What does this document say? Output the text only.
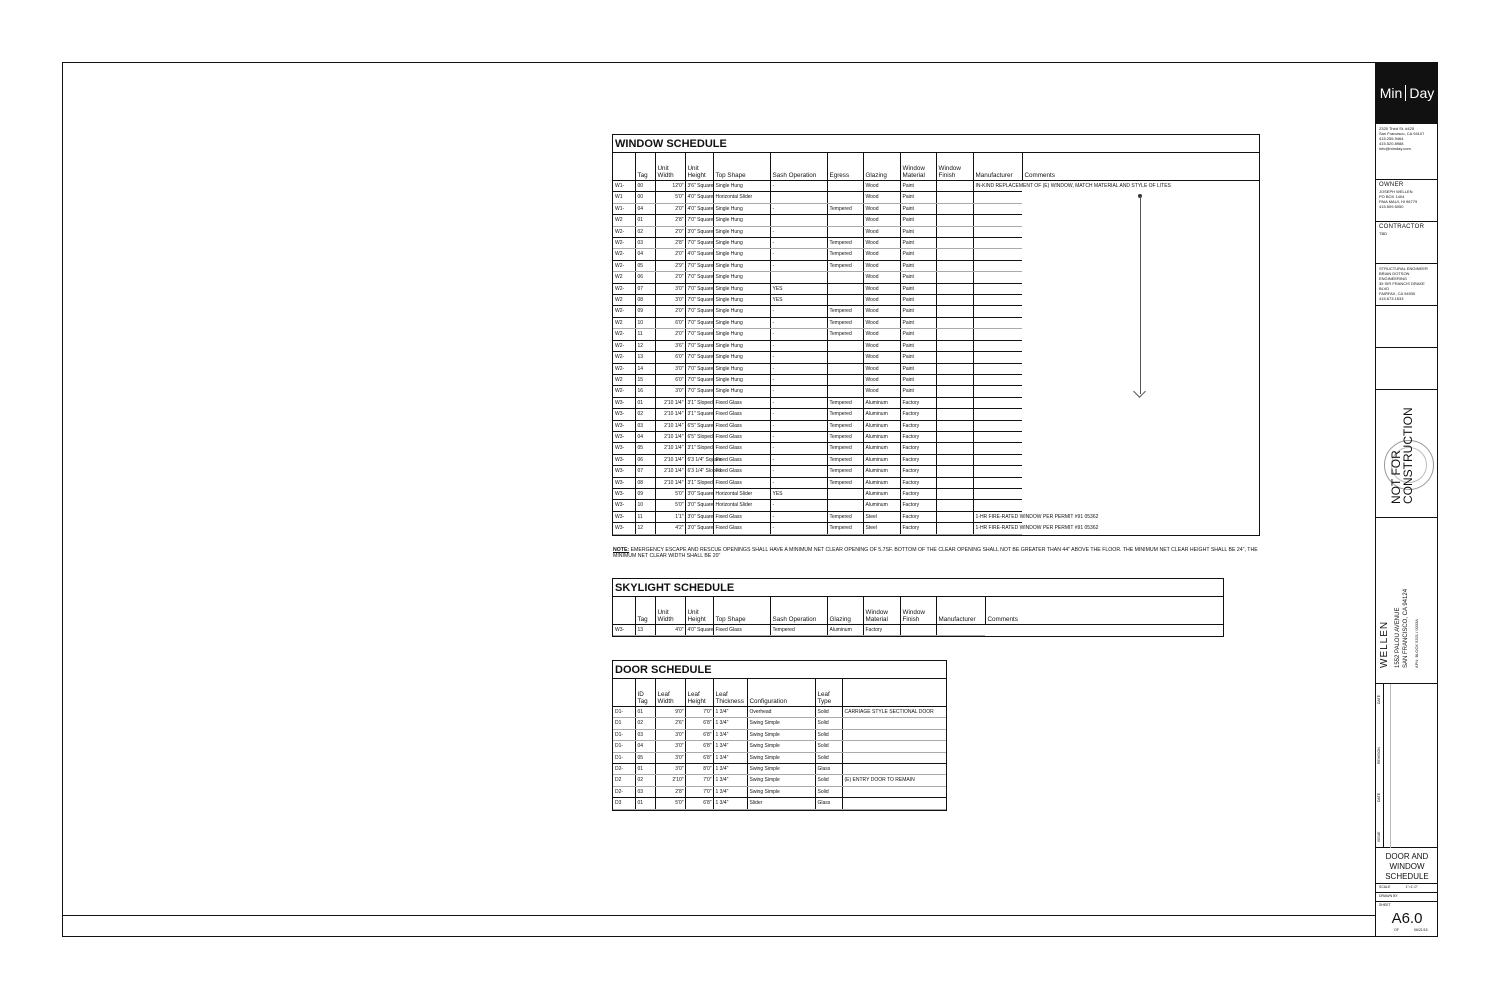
WINDOW SCHEDULE
	Tag	Unit Width	Unit Height	Top Shape	Sash Operation	Egress	Glazing	Window Material	Window Finish	Manufacturer	Comments
W1-	00	12'0"	3'6" Square	Single Hung	-		Wood	Paint		IN-KIND REPLACEMENT OF (E) WINDOW, MATCH MATERIAL AND STYLE OF LITES	
W1	00	5'0"	4'0" Square	Horizontal Slider			Wood	Paint			
W1-	04	2'0"	4'0" Square	Single Hung	-	Tempered	Wood	Paint			
W2	01	2'8"	7'0" Square	Single Hung			Wood	Paint			
W2-	02	2'0"	3'0" Square	Single Hung	-		Wood	Paint			
W2-	03	2'8"	7'0" Square	Single Hung	-	Tempered	Wood	Paint			
W2-	04	2'0"	4'0" Square	Single Hung	-	Tempered	Wood	Paint			
W2-	05	2'9"	7'0" Square	Single Hung	-	Tempered	Wood	Paint			
W2	06	2'0"	7'0" Square	Single Hung			Wood	Paint			
W2-	07	3'0"	7'0" Square	Single Hung	YES		Wood	Paint			
W2	08	3'0"	7'0" Square	Single Hung	YES		Wood	Paint			
W2-	09	2'0"	7'0" Square	Single Hung	-	Tempered	Wood	Paint			
W2	10	6'0"	7'0" Square	Single Hung	-	Tempered	Wood	Paint			
W2-	11	2'0"	7'0" Square	Single Hung	-	Tempered	Wood	Paint			
W2-	12	3'6"	7'0" Square	Single Hung	-		Wood	Paint			
W2-	13	6'0"	7'0" Square	Single Hung	-		Wood	Paint			
W2-	14	3'0"	7'0" Square	Single Hung	-		Wood	Paint			
W2	15	6'0"	7'0" Square	Single Hung	-		Wood	Paint			
W2-	16	3'0"	7'0" Square	Single Hung	-		Wood	Paint			
W3-	01	2'10 1/4"	3'1" Sloped	Fixed Glass	-	Tempered	Aluminum	Factory			
W3-	02	2'10 1/4"	3'1" Square	Fixed Glass	-	Tempered	Aluminum	Factory			
W3-	03	2'10 1/4"	6'5" Square	Fixed Glass	-	Tempered	Aluminum	Factory			
W3-	04	2'10 1/4"	6'5" Sloped	Fixed Glass	-	Tempered	Aluminum	Factory			
W3-	05	2'10 1/4"	3'1" Sloped	Fixed Glass	-	Tempered	Aluminum	Factory			
W3-	06	2'10 1/4"	6'3 1/4" Square	Fixed Glass	-	Tempered	Aluminum	Factory			
W3-	07	2'10 1/4"	6'3 1/4" Sloped	Fixed Glass	-	Tempered	Aluminum	Factory			
W3-	08	2'10 1/4"	3'1" Sloped	Fixed Glass	-	Tempered	Aluminum	Factory			
W3-	09	5'0"	3'0" Square	Horizontal Slider	YES		Aluminum	Factory			
W3-	10	5'0"	3'0" Square	Horizontal Slider	-		Aluminum	Factory			
W3-	11	1'1"	3'0" Square	Fixed Glass	-	Tempered	Steel	Factory		1-HR FIRE-RATED WINDOW PER PERMIT #91 05362	
W3-	12	4'2"	3'0" Square	Fixed Glass	-	Tempered	Steel	Factory		1-HR FIRE-RATED WINDOW PER PERMIT #91 05362	
NOTE: EMERGENCY ESCAPE AND RESCUE OPENINGS SHALL HAVE A MINIMUM NET CLEAR OPENING OF 5.7SF. BOTTOM OF THE CLEAR OPENING SHALL NOT BE GREATER THAN 44" ABOVE THE FLOOR. THE MINIMUM NET CLEAR HEIGHT SHALL BE 24", THE MINIMUM NET CLEAR WIDTH SHALL BE 20"
SKYLIGHT SCHEDULE
	Tag	Unit Width	Unit Height	Top Shape	Sash Operation	Glazing	Window Material	Window Finish	Manufacturer	Comments
W3-	13	4'0"	4'0" Square	Fixed Glass	Tempered	Aluminum	Factory			
DOOR SCHEDULE
	ID Tag	Leaf Width	Leaf Height	Leaf Thickness	Configuration	Leaf Type	
D1-	01	9'0"	7'0"	1 3/4"	Overhead	Solid	CARRIAGE STYLE SECTIONAL DOOR
D1	02	2'6"	6'8"	1 3/4"	Swing Simple	Solid	
D1-	03	3'0"	6'8"	1 3/4"	Swing Simple	Solid	
D1-	04	3'0"	6'8"	1 3/4"	Swing Simple	Solid	
D1-	05	3'0"	6'8"	1 3/4"	Swing Simple	Solid	
D2-	01	3'0"	8'0"	1 3/4"	Swing Simple	Glass	
D2	02	2'10"	7'0"	1 3/4"	Swing Simple	Solid	(E) ENTRY DOOR TO REMAIN
D2-	03	2'8"	7'0"	1 3/4"	Swing Simple	Solid	
D3	01	5'0"	6'8"	1 3/4"	Slider	Glass	
Min Day
2325 Third St. #425
San Francisco, CA 94107
415.255.9464
415.520.8988
info@minday.com
OWNER
JOSEPH WELLEN
PO BOX 1404
PAIA MAUI, HI 96779
415.509.5050
CONTRACTOR
TBD
STRUCTURAL ENGINEER
BRIAN DOTSON ENGINEERING
35 SIR FRANCIS DRAKE BLVD
FAIRFAX, CA 94930
415.673.1633
NOT FOR CONSTRUCTION
WELLEN 1552 PALOU AVENUE SAN FRANCISCO, CA 94124 APN: BLOCK 5321 / 0033A
DATE
REVISION
DATE
ISSUE
DOOR AND WINDOW SCHEDULE
SCALE	1"=1'-0"
DRAWN BY
SHEET
A6.0
OF	06/21/15
